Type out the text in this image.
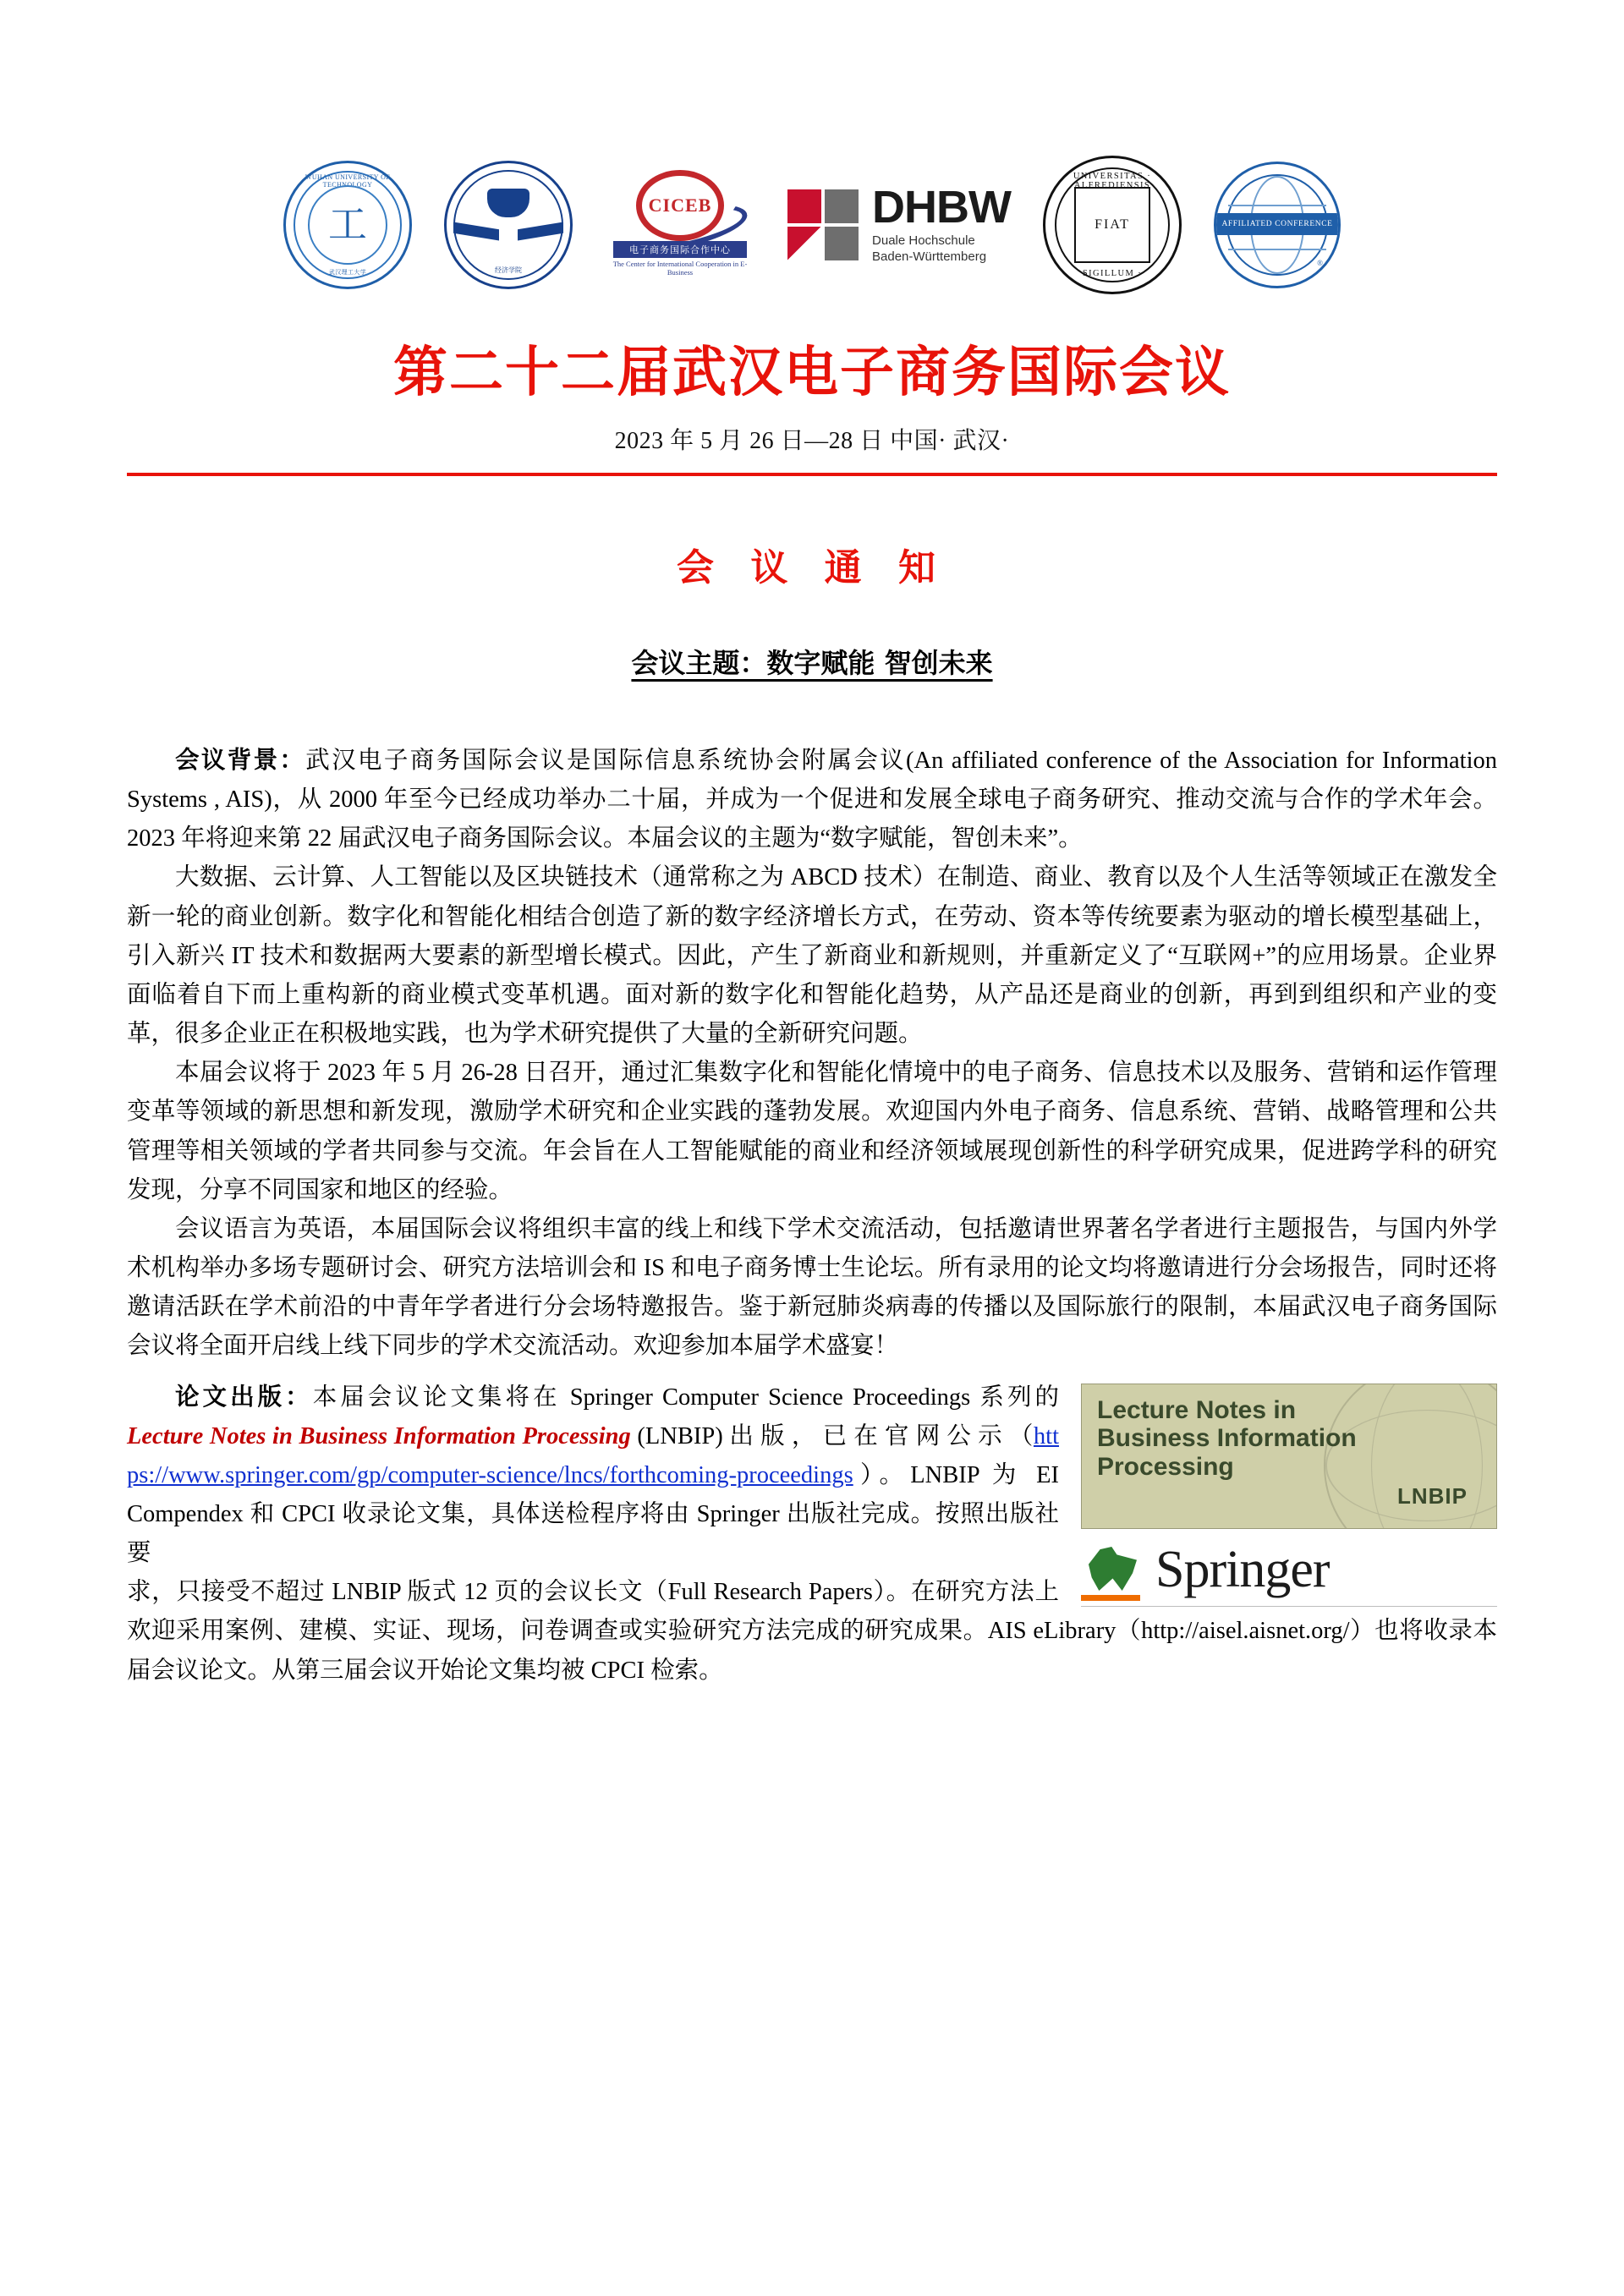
WUHAN UNIVERSITY OF TECHNOLOGY
工
武汉理工大学	经济学院
CICEB
电子商务国际合作中心
The Center for International Cooperation in E-Business
DHBW
Duale Hochschule
Baden-Württemberg
UNIVERSITAS · ALFREDIENSIS
FIAT
SIGILLUM ·
AFFILIATED CONFERENCE
®
第二十二届武汉电子商务国际会议
2023 年 5 月 26 日—28 日 中国· 武汉·
会 议 通 知
会议主题：数字赋能 智创未来

会议背景：武汉电子商务国际会议是国际信息系统协会附属会议(An affiliated conference of the Association for Information Systems , AIS)，从 2000 年至今已经成功举办二十届，并成为一个促进和发展全球电子商务研究、推动交流与合作的学术年会。2023 年将迎来第 22 届武汉电子商务国际会议。本届会议的主题为“数字赋能，智创未来”。

大数据、云计算、人工智能以及区块链技术（通常称之为 ABCD 技术）在制造、商业、教育以及个人生活等领域正在激发全新一轮的商业创新。数字化和智能化相结合创造了新的数字经济增长方式，在劳动、资本等传统要素为驱动的增长模型基础上，引入新兴 IT 技术和数据两大要素的新型增长模式。因此，产生了新商业和新规则，并重新定义了“互联网+”的应用场景。企业界面临着自下而上重构新的商业模式变革机遇。面对新的数字化和智能化趋势，从产品还是商业的创新，再到到组织和产业的变革，很多企业正在积极地实践，也为学术研究提供了大量的全新研究问题。

本届会议将于 2023 年 5 月 26-28 日召开，通过汇集数字化和智能化情境中的电子商务、信息技术以及服务、营销和运作管理变革等领域的新思想和新发现，激励学术研究和企业实践的蓬勃发展。欢迎国内外电子商务、信息系统、营销、战略管理和公共管理等相关领域的学者共同参与交流。年会旨在人工智能赋能的商业和经济领域展现创新性的科学研究成果，促进跨学科的研究发现，分享不同国家和地区的经验。

会议语言为英语，本届国际会议将组织丰富的线上和线下学术交流活动，包括邀请世界著名学者进行主题报告，与国内外学术机构举办多场专题研讨会、研究方法培训会和 IS 和电子商务博士生论坛。所有录用的论文均将邀请进行分会场报告，同时还将邀请活跃在学术前沿的中青年学者进行分会场特邀报告。鉴于新冠肺炎病毒的传播以及国际旅行的限制，本届武汉电子商务国际会议将全面开启线上线下同步的学术交流活动。欢迎参加本届学术盛宴！

Lecture Notes in
Business Information
Processing
LNBIP
Springer

论文出版：本届会议论文集将在 Springer Computer Science Proceedings 系列的 Lecture Notes in Business Information Processing (LNBIP) 出 版 ， 已 在 官 网 公 示 （https://www.springer.com/gp/computer-science/lncs/forthcoming-proceedings）。LNBIP 为 EI Compendex 和 CPCI 收录论文集，具体送检程序将由 Springer 出版社完成。按照出版社要

求，只接受不超过 LNBIP 版式 12 页的会议长文（Full Research Papers）。在研究方法上欢迎采用案例、建模、实证、现场，问卷调查或实验研究方法完成的研究成果。AIS eLibrary（http://aisel.aisnet.org/）也将收录本届会议论文。从第三届会议开始论文集均被 CPCI 检索。
